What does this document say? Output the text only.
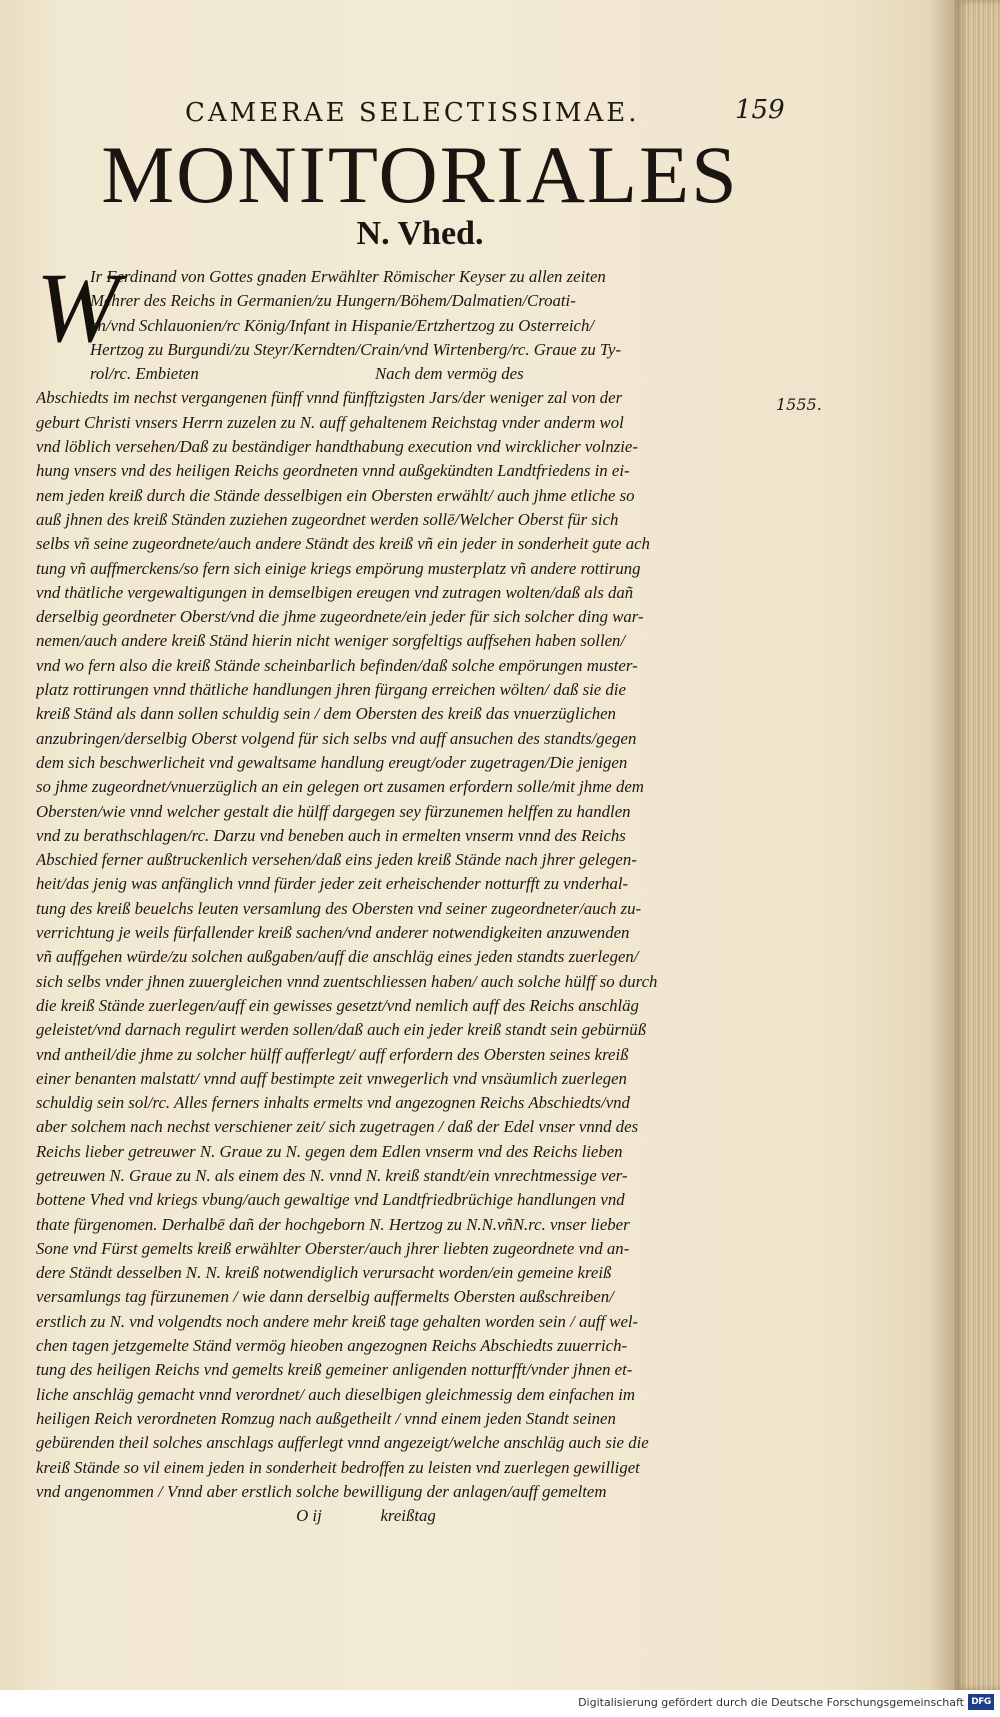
CAMERAE SELECTISSIMAE.	159
MONITORIALES
N. Vhed.
W
1555.
Ir Ferdinand von Gottes gnaden Erwählter Römischer Keyser zu allen zeiten
Mehrer des Reichs in Germanien/zu Hungern/Böhem/Dalmatien/Croati-
en/vnd Schlauonien/rc König/Infant in Hispanie/Ertzhertzog zu Osterreich/
Hertzog zu Burgundi/zu Steyr/Kerndten/Crain/vnd Wirtenberg/rc. Graue zu Ty-
rol/rc. Embieten                                          Nach dem vermög des
Abschiedts im nechst vergangenen fünff vnnd fünfftzigsten Jars/der weniger zal von der
geburt Christi vnsers Herrn zuzelen zu N. auff gehaltenem Reichstag vnder anderm wol
vnd löblich versehen/Daß zu beständiger handthabung execution vnd wircklicher volnzie-
hung vnsers vnd des heiligen Reichs geordneten vnnd außgekündten Landtfriedens in ei-
nem jeden kreiß durch die Stände desselbigen ein Obersten erwählt/ auch jhme etliche so
auß jhnen des kreiß Ständen zuziehen zugeordnet werden sollē/Welcher Oberst für sich
selbs vñ seine zugeordnete/auch andere Ständt des kreiß vñ ein jeder in sonderheit gute ach
tung vñ auffmerckens/so fern sich einige kriegs empörung musterplatz vñ andere rottirung
vnd thätliche vergewaltigungen in demselbigen ereugen vnd zutragen wolten/daß als dañ
derselbig geordneter Oberst/vnd die jhme zugeordnete/ein jeder für sich solcher ding war-
nemen/auch andere kreiß Ständ hierin nicht weniger sorgfeltigs auffsehen haben sollen/
vnd wo fern also die kreiß Stände scheinbarlich befinden/daß solche empörungen muster-
platz rottirungen vnnd thätliche handlungen jhren fürgang erreichen wölten/ daß sie die
kreiß Ständ als dann sollen schuldig sein / dem Obersten des kreiß das vnuerzüglichen
anzubringen/derselbig Oberst volgend für sich selbs vnd auff ansuchen des standts/gegen
dem sich beschwerlicheit vnd gewaltsame handlung ereugt/oder zugetragen/Die jenigen
so jhme zugeordnet/vnuerzüglich an ein gelegen ort zusamen erfordern solle/mit jhme dem
Obersten/wie vnnd welcher gestalt die hülff dargegen sey fürzunemen helffen zu handlen
vnd zu berathschlagen/rc. Darzu vnd beneben auch in ermelten vnserm vnnd des Reichs
Abschied ferner außtruckenlich versehen/daß eins jeden kreiß Stände nach jhrer gelegen-
heit/das jenig was anfänglich vnnd fürder jeder zeit erheischender notturfft zu vnderhal-
tung des kreiß beuelchs leuten versamlung des Obersten vnd seiner zugeordneter/auch zu-
verrichtung je weils fürfallender kreiß sachen/vnd anderer notwendigkeiten anzuwenden
vñ auffgehen würde/zu solchen außgaben/auff die anschläg eines jeden standts zuerlegen/
sich selbs vnder jhnen zuuergleichen vnnd zuentschliessen haben/ auch solche hülff so durch
die kreiß Stände zuerlegen/auff ein gewisses gesetzt/vnd nemlich auff des Reichs anschläg
geleistet/vnd darnach regulirt werden sollen/daß auch ein jeder kreiß standt sein gebürnüß
vnd antheil/die jhme zu solcher hülff aufferlegt/ auff erfordern des Obersten seines kreiß
einer benanten malstatt/ vnnd auff bestimpte zeit vnwegerlich vnd vnsäumlich zuerlegen
schuldig sein sol/rc. Alles ferners inhalts ermelts vnd angezognen Reichs Abschiedts/vnd
aber solchem nach nechst verschiener zeit/ sich zugetragen / daß der Edel vnser vnnd des
Reichs lieber getreuwer N. Graue zu N. gegen dem Edlen vnserm vnd des Reichs lieben
getreuwen N. Graue zu N. als einem des N. vnnd N. kreiß standt/ein vnrechtmessige ver-
bottene Vhed vnd kriegs vbung/auch gewaltige vnd Landtfriedbrüchige handlungen vnd
thate fürgenomen. Derhalbē dañ der hochgeborn N. Hertzog zu N.N.vñN.rc. vnser lieber
Sone vnd Fürst gemelts kreiß erwählter Oberster/auch jhrer liebten zugeordnete vnd an-
dere Ständt desselben N. N. kreiß notwendiglich verursacht worden/ein gemeine kreiß
versamlungs tag fürzunemen / wie dann derselbig auffermelts Obersten außschreiben/
erstlich zu N. vnd volgendts noch andere mehr kreiß tage gehalten worden sein / auff wel-
chen tagen jetzgemelte Ständ vermög hieoben angezognen Reichs Abschiedts zuuerrich-
tung des heiligen Reichs vnd gemelts kreiß gemeiner anligenden notturfft/vnder jhnen et-
liche anschläg gemacht vnnd verordnet/ auch dieselbigen gleichmessig dem einfachen im
heiligen Reich verordneten Romzug nach außgetheilt / vnnd einem jeden Standt seinen
gebürenden theil solches anschlags aufferlegt vnnd angezeigt/welche anschläg auch sie die
kreiß Stände so vil einem jeden in sonderheit bedroffen zu leisten vnd zuerlegen gewilliget
vnd angenommen / Vnnd aber erstlich solche bewilligung der anlagen/auff gemeltem
O ij              kreißtag
Digitalisierung gefördert durch die Deutsche Forschungsgemeinschaft DFG
